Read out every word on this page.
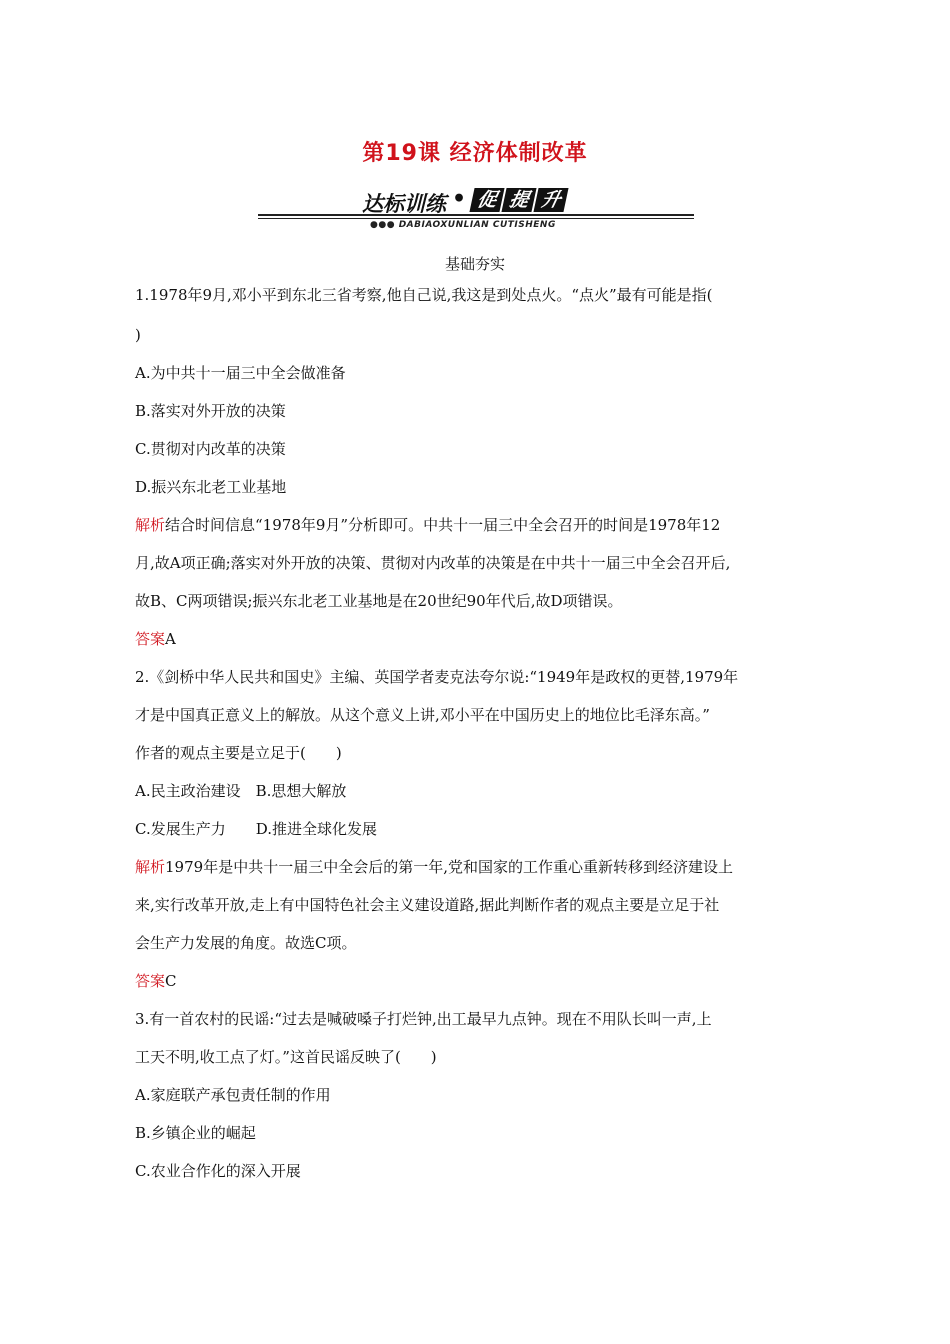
第19课 经济体制改革
达标训练 • 促 提 升
●●● DABIAOXUNLIAN CUTISHENG
基础夯实
1.1978年9月,邓小平到东北三省考察,他自己说,我这是到处点火。“点火”最有可能是指(
)
A.为中共十一届三中全会做准备
B.落实对外开放的决策
C.贯彻对内改革的决策
D.振兴东北老工业基地
解析结合时间信息“1978年9月”分析即可。中共十一届三中全会召开的时间是1978年12
月,故A项正确;落实对外开放的决策、贯彻对内改革的决策是在中共十一届三中全会召开后,
故B、C两项错误;振兴东北老工业基地是在20世纪90年代后,故D项错误。
答案A
2.《剑桥中华人民共和国史》主编、英国学者麦克法夸尔说:“1949年是政权的更替,1979年
才是中国真正意义上的解放。从这个意义上讲,邓小平在中国历史上的地位比毛泽东高。”
作者的观点主要是立足于(　　)
A.民主政治建设　B.思想大解放
C.发展生产力　　D.推进全球化发展
解析1979年是中共十一届三中全会后的第一年,党和国家的工作重心重新转移到经济建设上
来,实行改革开放,走上有中国特色社会主义建设道路,据此判断作者的观点主要是立足于社
会生产力发展的角度。故选C项。
答案C
3.有一首农村的民谣:“过去是喊破嗓子打烂钟,出工最早九点钟。现在不用队长叫一声,上
工天不明,收工点了灯。”这首民谣反映了(　　)
A.家庭联产承包责任制的作用
B.乡镇企业的崛起
C.农业合作化的深入开展
